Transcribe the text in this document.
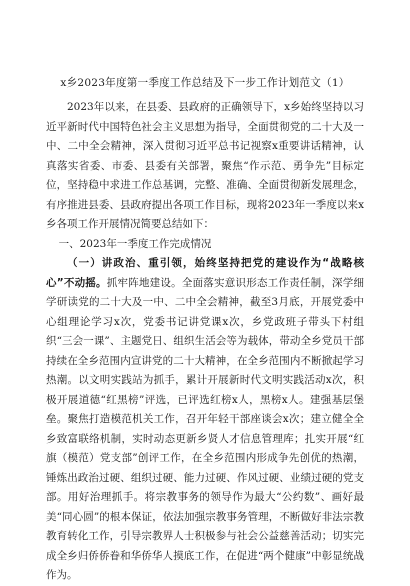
x乡2023年度第一季度工作总结及下一步工作计划范文（1）

2023年以来，在县委、县政府的正确领导下，x乡始终坚持以习近平新时代中国特色社会主义思想为指导，全面贯彻党的二十大及一中、二中全会精神，深入贯彻习近平总书记视察x重要讲话精神，认真落实省委、市委、县委有关部署，聚焦“作示范、勇争先”目标定位，坚持稳中求进工作总基调，完整、准确、全面贯彻新发展理念，有序推进县委、县政府提出各项工作目标，现将2023年一季度以来x乡各项工作开展情况简要总结如下：

一、2023年一季度工作完成情况

（一）讲政治、重引领，始终坚持把党的建设作为“战略核心”不动摇。抓牢阵地建设。全面落实意识形态工作责任制，深学细学研读党的二十大及一中、二中全会精神，截至3月底，开展党委中心组理论学习x次，党委书记讲党课x次，乡党政班子带头下村组织“三会一课”、主题党日、组织生活会等为载体，带动全乡党员干部持续在全乡范围内宣讲党的二十大精神，在全乡范围内不断掀起学习热潮。以文明实践站为抓手，累计开展新时代文明实践活动x次，积极开展道德“红黑榜”评选，已评选红榜x人，黑榜x人。建强基层堡垒。聚焦打造模范机关工作，召开年轻干部座谈会x次；建立健全全乡致富联络机制，实时动态更新乡贤人才信息管理库；扎实开展“红旗（模范）党支部”创评工作，在全乡范围内形成争先创优的热潮，锤炼出政治过硬、组织过硬、能力过硬、作风过硬、业绩过硬的党支部。用好治理抓手。将宗教事务的领导作为最大“公约数”、画好最美“同心圆”的根本保证，依法加强宗教事务管理，不断做好非法宗教教育转化工作，引导宗教界人士积极参与社会公益慈善活动；切实完成全乡归侨侨眷和华侨华人摸底工作，在促进“两个健康”中彰显统战作为。
